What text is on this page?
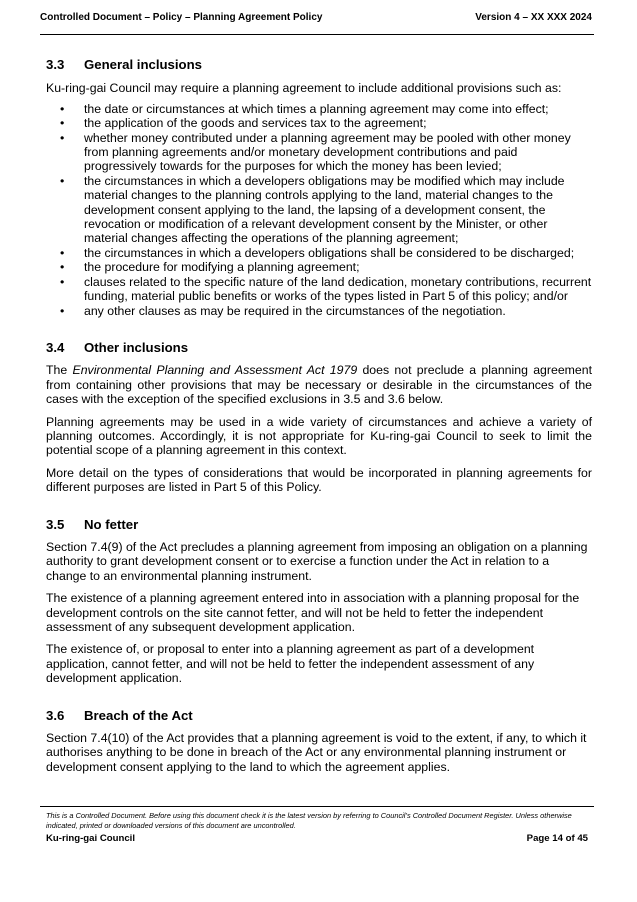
Controlled Document – Policy – Planning Agreement Policy	Version 4 – XX XXX 2024
3.3	General inclusions

Ku-ring-gai Council may require a planning agreement to include additional provisions such as:

• the date or circumstances at which times a planning agreement may come into effect;
• the application of the goods and services tax to the agreement;
• whether money contributed under a planning agreement may be pooled with other money from planning agreements and/or monetary development contributions and paid progressively towards for the purposes for which the money has been levied;
• the circumstances in which a developers obligations may be modified which may include material changes to the planning controls applying to the land, material changes to the development consent applying to the land, the lapsing of a development consent, the revocation or modification of a relevant development consent by the Minister, or other material changes affecting the operations of the planning agreement;
• the circumstances in which a developers obligations shall be considered to be discharged;
• the procedure for modifying a planning agreement;
• clauses related to the specific nature of the land dedication, monetary contributions, recurrent funding, material public benefits or works of the types listed in Part 5 of this policy; and/or
• any other clauses as may be required in the circumstances of the negotiation.
3.4	Other inclusions

The Environmental Planning and Assessment Act 1979 does not preclude a planning agreement from containing other provisions that may be necessary or desirable in the circumstances of the cases with the exception of the specified exclusions in 3.5 and 3.6 below.

Planning agreements may be used in a wide variety of circumstances and achieve a variety of planning outcomes. Accordingly, it is not appropriate for Ku-ring-gai Council to seek to limit the potential scope of a planning agreement in this context.

More detail on the types of considerations that would be incorporated in planning agreements for different purposes are listed in Part 5 of this Policy.

3.5	No fetter

Section 7.4(9) of the Act precludes a planning agreement from imposing an obligation on a planning authority to grant development consent or to exercise a function under the Act in relation to a change to an environmental planning instrument.

The existence of a planning agreement entered into in association with a planning proposal for the development controls on the site cannot fetter, and will not be held to fetter the independent assessment of any subsequent development application.

The existence of, or proposal to enter into a planning agreement as part of a development application, cannot fetter, and will not be held to fetter the independent assessment of any development application.

3.6	Breach of the Act

Section 7.4(10) of the Act provides that a planning agreement is void to the extent, if any, to which it authorises anything to be done in breach of the Act or any environmental planning instrument or development consent applying to the land to which the agreement applies.

This is a Controlled Document. Before using this document check it is the latest version by referring to Council’s Controlled Document Register. Unless otherwise indicated, printed or downloaded versions of this document are uncontrolled.
Ku-ring-gai Council	Page 14 of 45
